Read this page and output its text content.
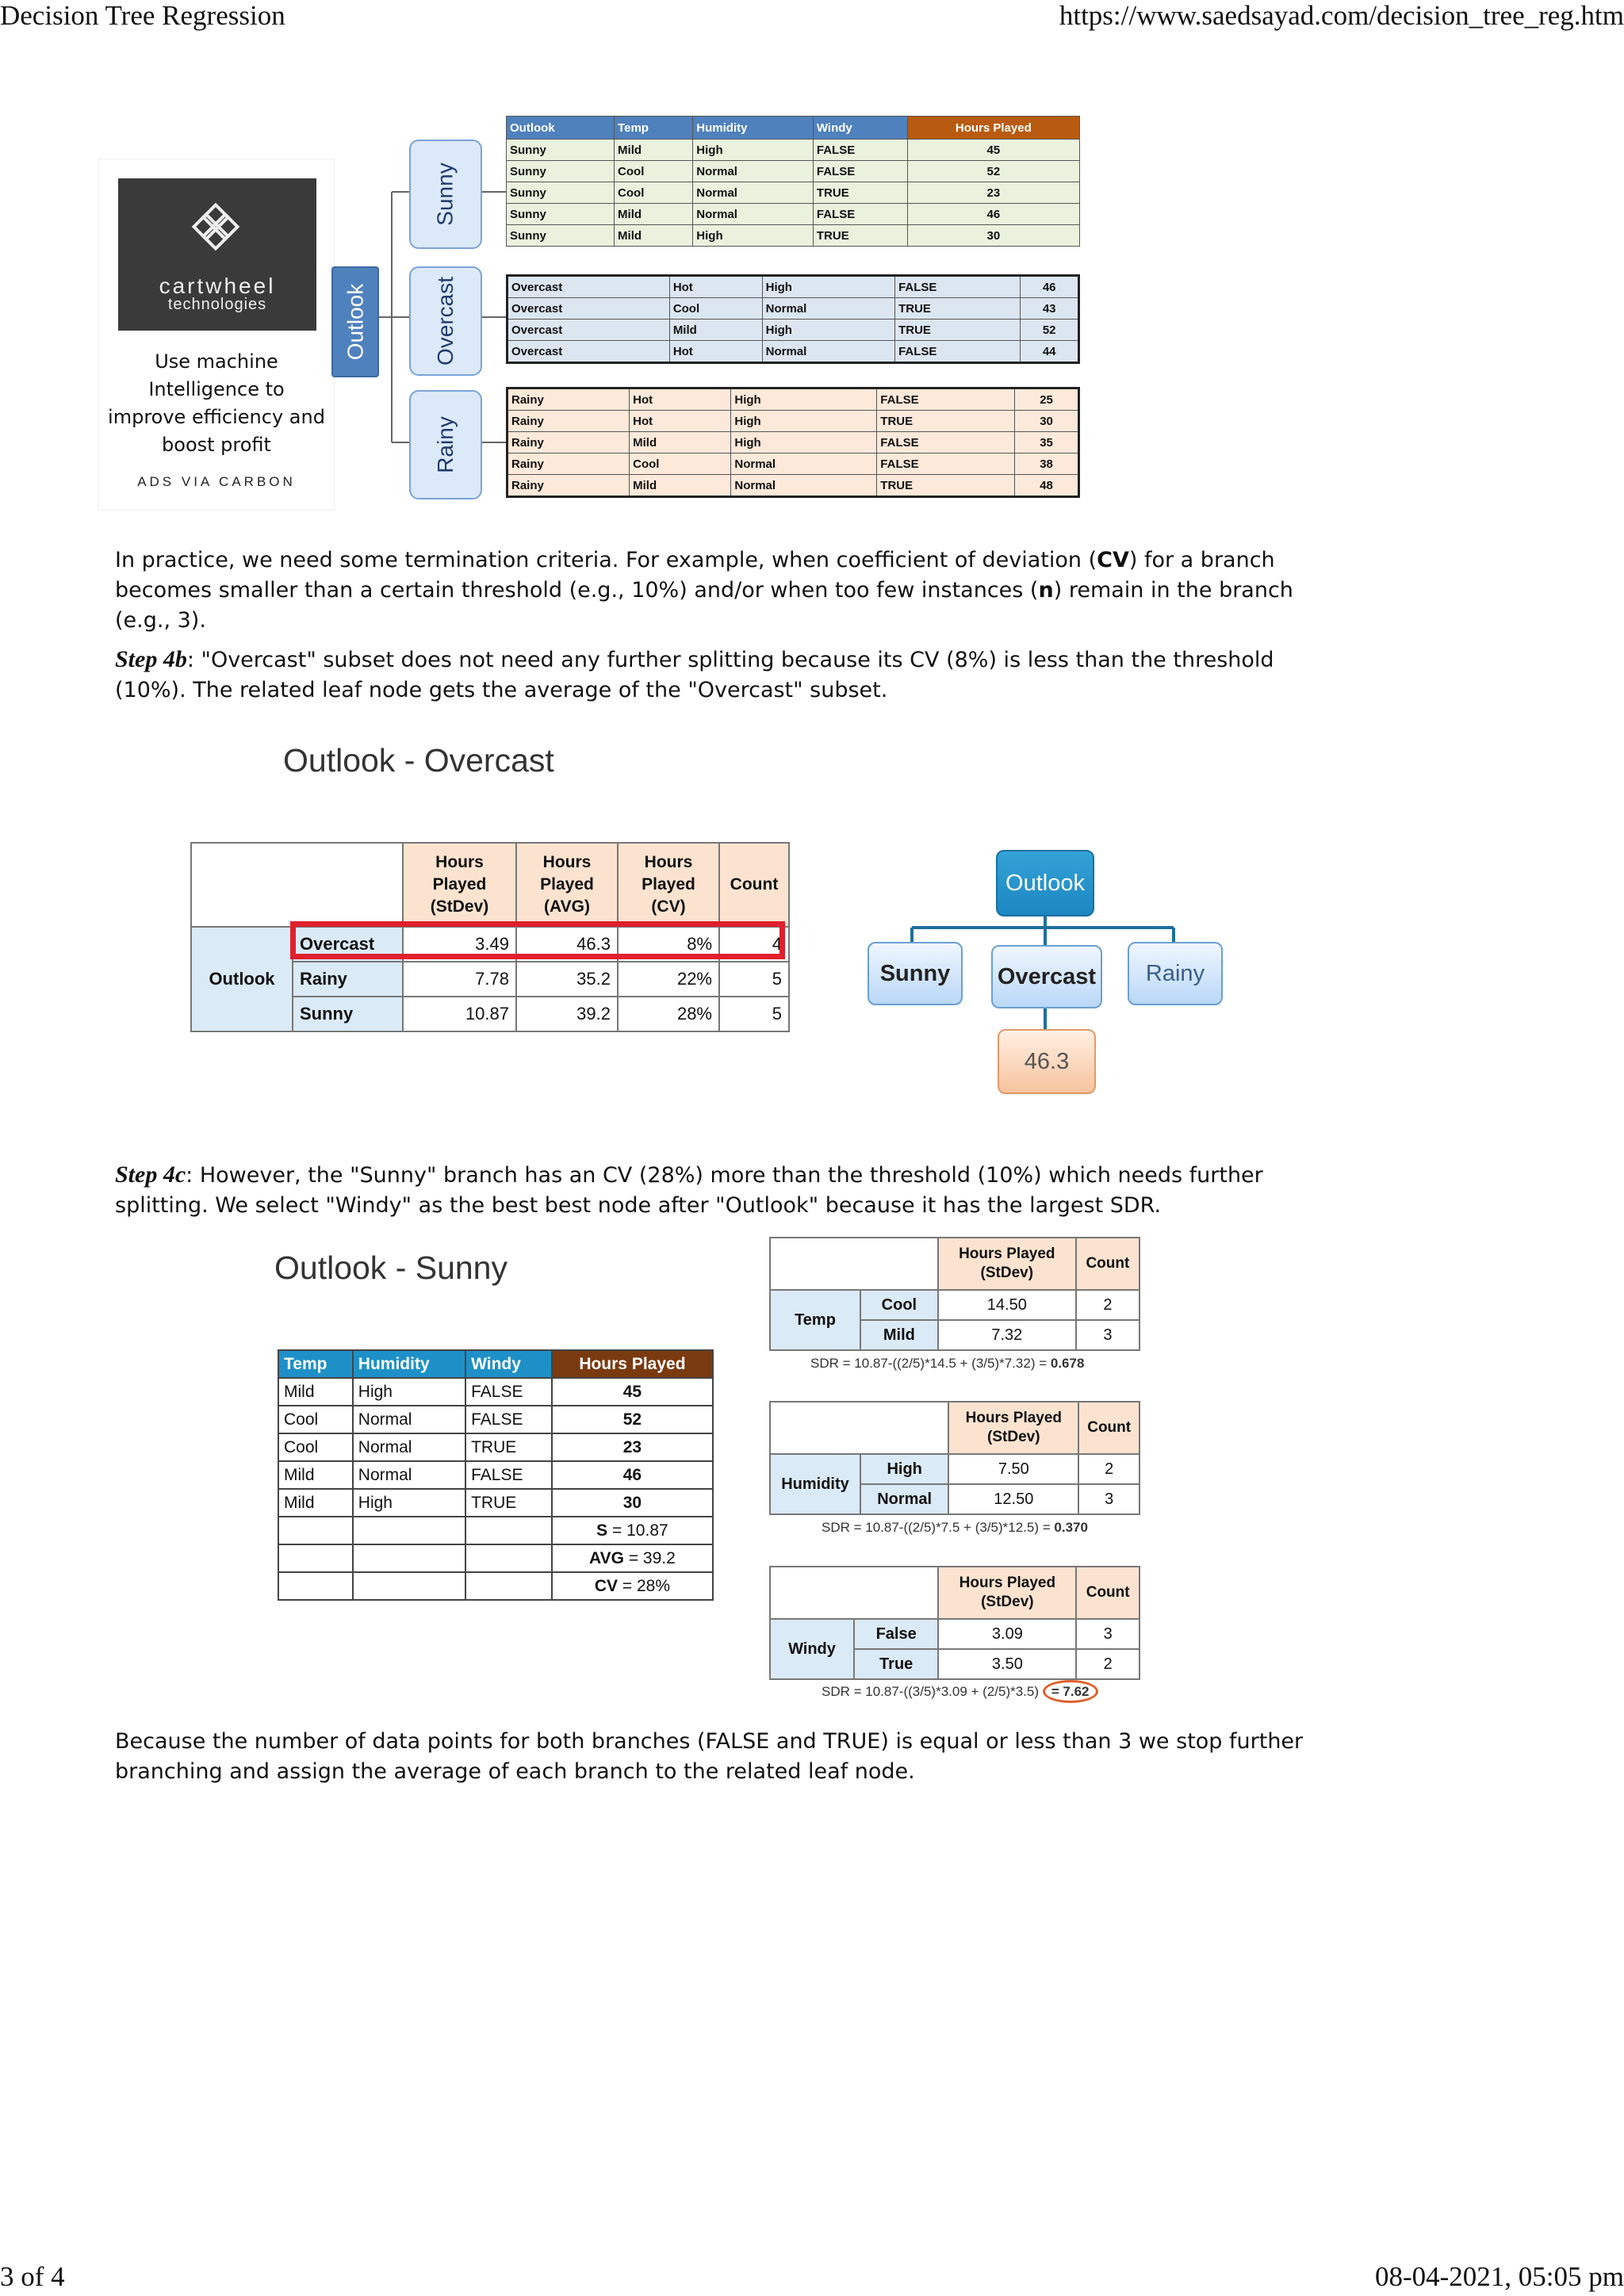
Decision Tree Regression	https://www.saedsayad.com/decision_tree_reg.htm
cartwheel
technologies
Use machine Intelligence to improve efficiency and boost profit
ADS VIA CARBON
Outlook
Sunny
Overcast
Rainy
Outlook	Temp	Humidity	Windy	Hours Played
Sunny	Mild	High	FALSE	45
Sunny	Cool	Normal	FALSE	52
Sunny	Cool	Normal	TRUE	23
Sunny	Mild	Normal	FALSE	46
Sunny	Mild	High	TRUE	30
Overcast	Hot	High	FALSE	46
Overcast	Cool	Normal	TRUE	43
Overcast	Mild	High	TRUE	52
Overcast	Hot	Normal	FALSE	44
Rainy	Hot	High	FALSE	25
Rainy	Hot	High	TRUE	30
Rainy	Mild	High	FALSE	35
Rainy	Cool	Normal	FALSE	38
Rainy	Mild	Normal	TRUE	48
In practice, we need some termination criteria. For example, when coefficient of deviation (CV) for a branch becomes smaller than a certain threshold (e.g., 10%) and/or when too few instances (n) remain in the branch (e.g., 3).
Step 4b: "Overcast" subset does not need any further splitting because its CV (8%) is less than the threshold (10%). The related leaf node gets the average of the "Overcast" subset.
Outlook - Overcast
		Hours Played (StDev)	Hours Played (AVG)	Hours Played (CV)	Count
Outlook	Overcast	3.49	46.3	8%	4
	Rainy	7.78	35.2	22%	5
	Sunny	10.87	39.2	28%	5
Outlook
Sunny	Overcast	Rainy
46.3
Step 4c: However, the "Sunny" branch has an CV (28%) more than the threshold (10%) which needs further splitting. We select "Windy" as the best best node after "Outlook" because it has the largest SDR.
Outlook - Sunny
Temp	Humidity	Windy	Hours Played
Mild	High	FALSE	45
Cool	Normal	FALSE	52
Cool	Normal	TRUE	23
Mild	Normal	FALSE	46
Mild	High	TRUE	30
			S = 10.87
			AVG = 39.2
			CV = 28%
		Hours Played (StDev)	Count
Temp	Cool	14.50	2
	Mild	7.32	3
SDR = 10.87-((2/5)*14.5 + (3/5)*7.32) = 0.678
		Hours Played (StDev)	Count
Humidity	High	7.50	2
	Normal	12.50	3
SDR = 10.87-((2/5)*7.5 + (3/5)*12.5) = 0.370
		Hours Played (StDev)	Count
Windy	False	3.09	3
	True	3.50	2
SDR = 10.87-((3/5)*3.09 + (2/5)*3.5) = 7.62
Because the number of data points for both branches (FALSE and TRUE) is equal or less than 3 we stop further branching and assign the average of each branch to the related leaf node.
3 of 4	08-04-2021, 05:05 pm
